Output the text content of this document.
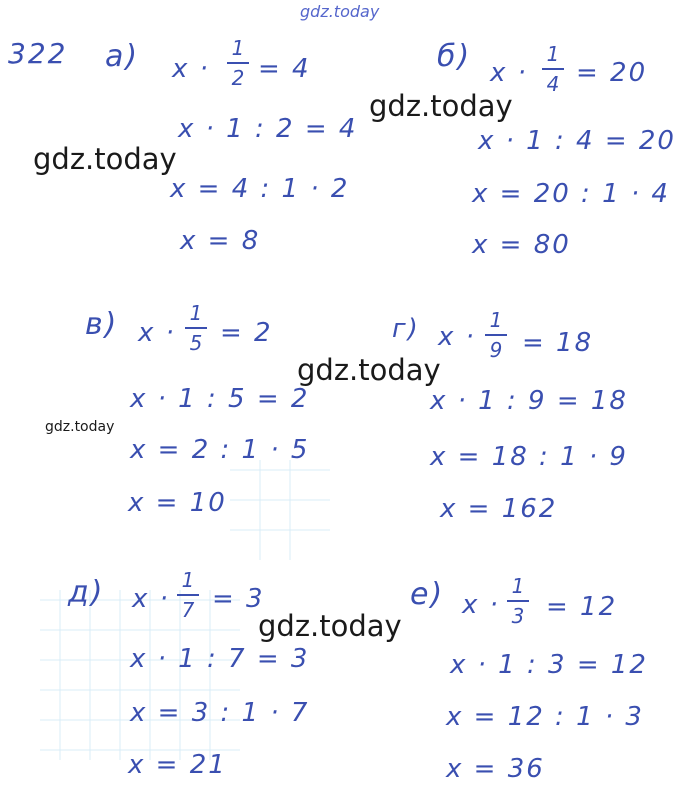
gdz.today
gdz.today
gdz.today
gdz.today
gdz.today
gdz.today
322 а) x ·
1
2 = 4
x · 1 : 2 = 4
x = 4 : 1 · 2
x = 8
б) x ·
1
4 = 20
x · 1 : 4 = 20
x = 20 : 1 · 4
x = 80
в) x ·
1
5 = 2
x · 1 : 5 = 2
x = 2 : 1 · 5
x = 10
г) x ·
1
9 = 18
x · 1 : 9 = 18
x = 18 : 1 · 9
x = 162
д) x ·
1
7 = 3
x · 1 : 7 = 3
x = 3 : 1 · 7
x = 21
е) x ·
1
3 = 12
x · 1 : 3 = 12
x = 12 : 1 · 3
x = 36
